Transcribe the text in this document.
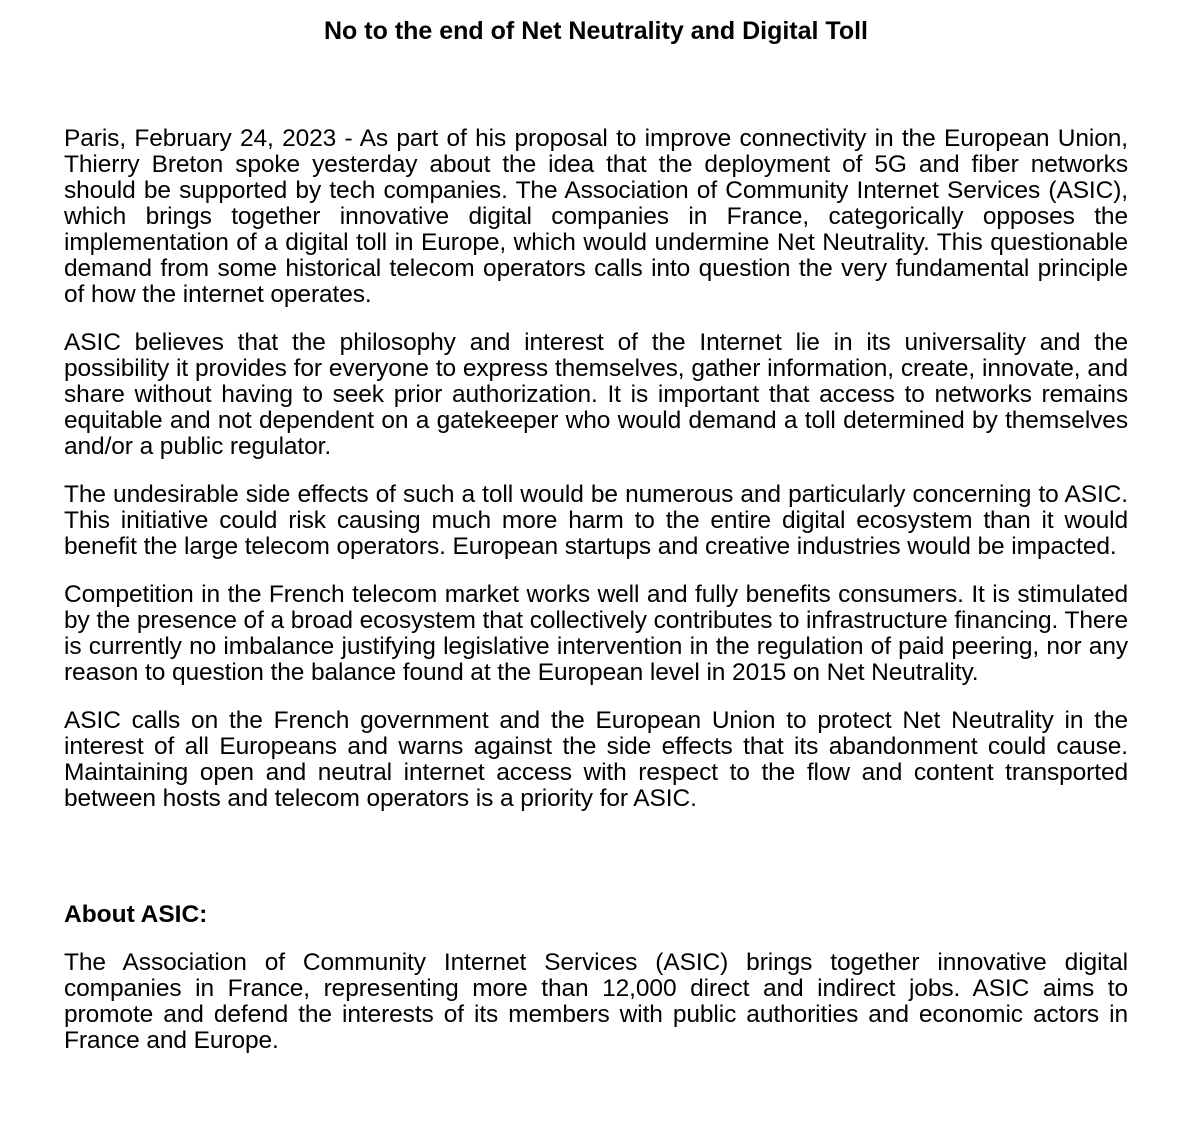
No to the end of Net Neutrality and Digital Toll

Paris, February 24, 2023 - As part of his proposal to improve connectivity in the European Union, Thierry Breton spoke yesterday about the idea that the deployment of 5G and fiber networks should be supported by tech companies. The Association of Community Internet Services (ASIC), which brings together innovative digital companies in France, categorically opposes the implementation of a digital toll in Europe, which would undermine Net Neutrality. This questionable demand from some historical telecom operators calls into question the very fundamental principle of how the internet operates.

ASIC believes that the philosophy and interest of the Internet lie in its universality and the possibility it provides for everyone to express themselves, gather information, create, innovate, and share without having to seek prior authorization. It is important that access to networks remains equitable and not dependent on a gatekeeper who would demand a toll determined by themselves and/or a public regulator.

The undesirable side effects of such a toll would be numerous and particularly concerning to ASIC. This initiative could risk causing much more harm to the entire digital ecosystem than it would benefit the large telecom operators. European startups and creative industries would be impacted.

Competition in the French telecom market works well and fully benefits consumers. It is stimulated by the presence of a broad ecosystem that collectively contributes to infrastructure financing. There is currently no imbalance justifying legislative intervention in the regulation of paid peering, nor any reason to question the balance found at the European level in 2015 on Net Neutrality.

ASIC calls on the French government and the European Union to protect Net Neutrality in the interest of all Europeans and warns against the side effects that its abandonment could cause. Maintaining open and neutral internet access with respect to the flow and content transported between hosts and telecom operators is a priority for ASIC.

About ASIC:

The Association of Community Internet Services (ASIC) brings together innovative digital companies in France, representing more than 12,000 direct and indirect jobs. ASIC aims to promote and defend the interests of its members with public authorities and economic actors in France and Europe.
